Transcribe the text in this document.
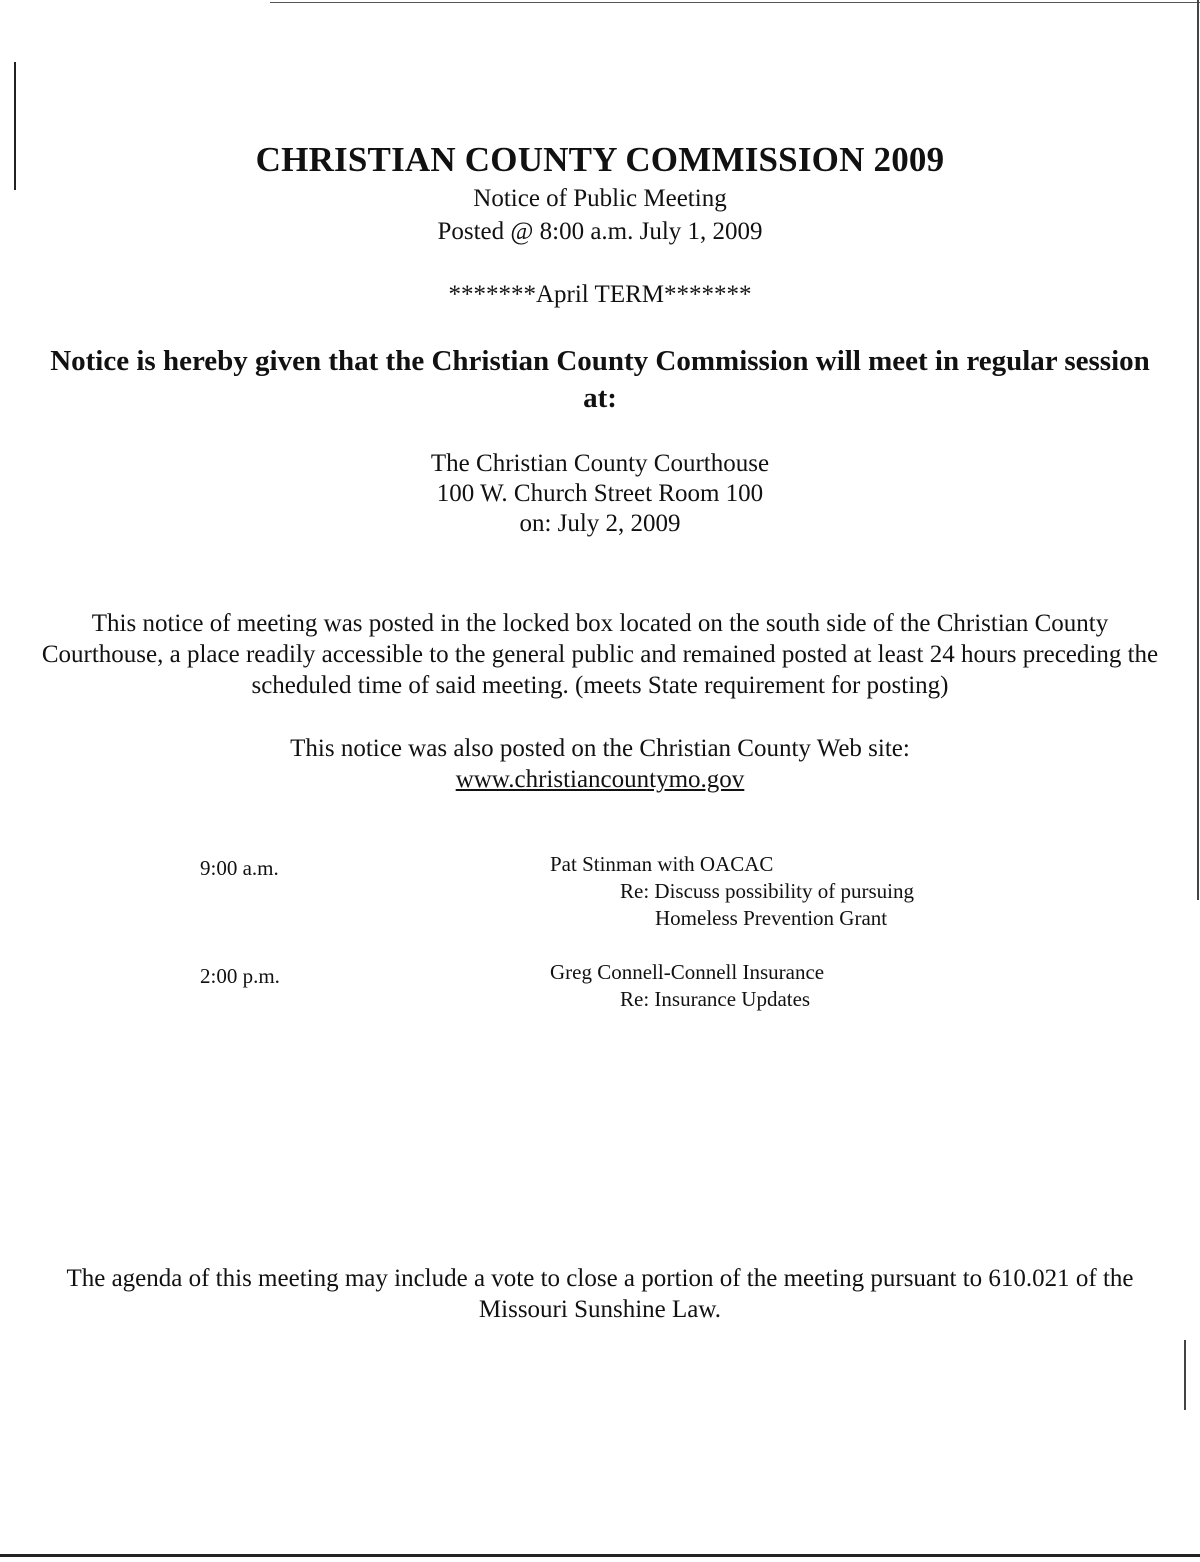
CHRISTIAN COUNTY COMMISSION 2009
Notice of Public Meeting
Posted @ 8:00 a.m. July 1, 2009
*******April TERM*******
Notice is hereby given that the Christian County Commission will meet in regular session at:
The Christian County Courthouse
100 W. Church Street Room 100
on: July 2, 2009
This notice of meeting was posted in the locked box located on the south side of the Christian County Courthouse, a place readily accessible to the general public and remained posted at least 24 hours preceding the scheduled time of said meeting. (meets State requirement for posting)
This notice was also posted on the Christian County Web site:
www.christiancountymo.gov
9:00 a.m.	Pat Stinman with OACAC
Re: Discuss possibility of pursuing
Homeless Prevention Grant
2:00 p.m.	Greg Connell-Connell Insurance
Re: Insurance Updates
The agenda of this meeting may include a vote to close a portion of the meeting pursuant to 610.021 of the Missouri Sunshine Law.
